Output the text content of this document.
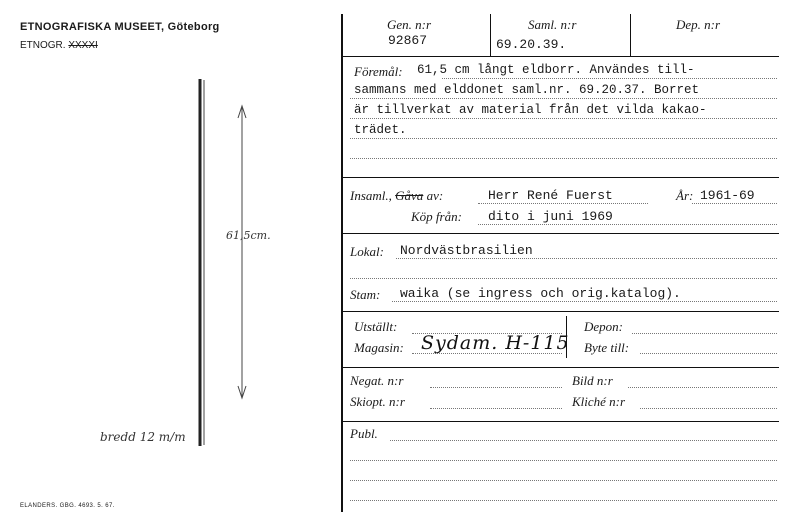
ETNOGRAFISKA MUSEET, Göteborg
ETNOGR. XXXXI
61,5cm.
bredd 12 m/m
ELANDERS. GBG. 4693. 5. 67.
Gen. n:r
92867
Saml. n:r
69.20.39.
Dep. n:r
Föremål: 61,5 cm långt eldborr. Användes till-
sammans med elddonet saml.nr. 69.20.37. Borret
är tillverkat av material från det vilda kakao-
trädet.
Insaml., Gåva av:	Herr René Fuerst	År: 1961-69
Köp från: dito i juni 1969
Lokal: Nordvästbrasilien
Stam: waika (se ingress och orig.katalog).
Utställt:
Magasin: Sydam. H-115
Depon:
Byte till:
Negat. n:r
Skiopt. n:r
Bild n:r
Kliché n:r
Publ.
